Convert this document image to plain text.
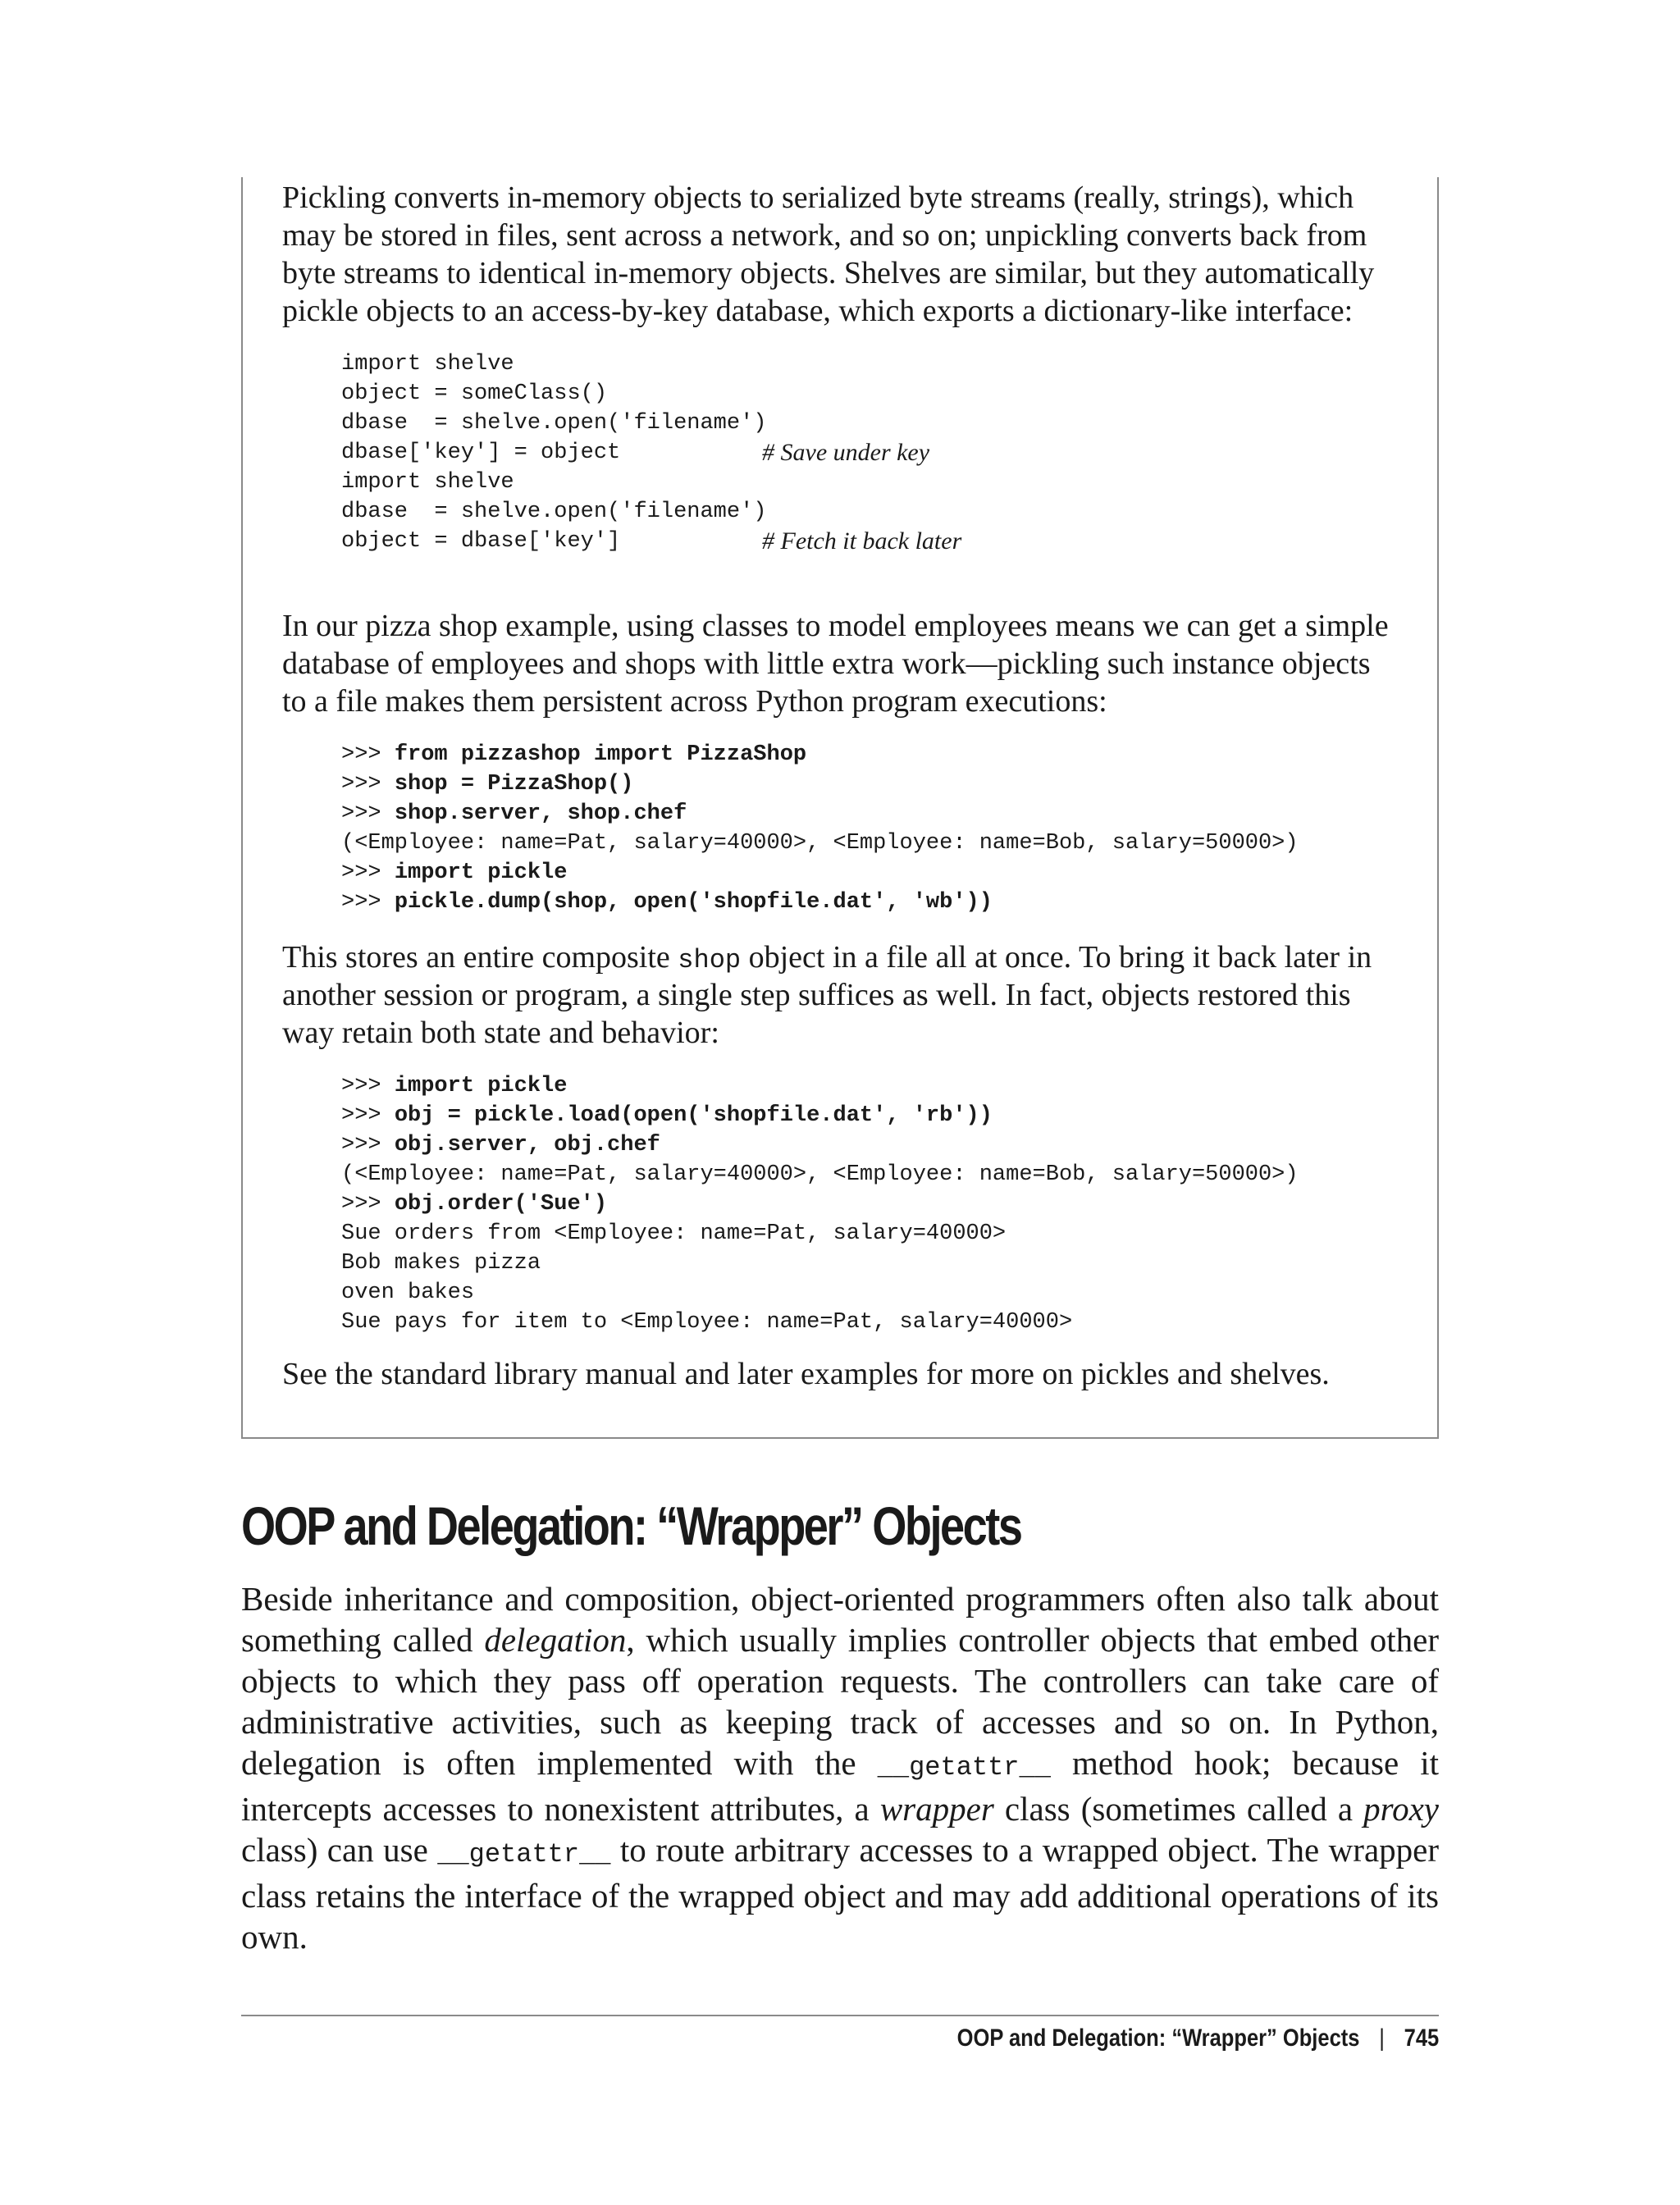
Pickling converts in-memory objects to serialized byte streams (really, strings), which

may be stored in files, sent across a network, and so on; unpickling converts back from

byte streams to identical in-memory objects. Shelves are similar, but they automatically

pickle objects to an access-by-key database, which exports a dictionary-like interface:

import shelve
object = someClass()
dbase  = shelve.open('filename')
dbase['key'] = object	# Save under key
import shelve
dbase  = shelve.open('filename')
object = dbase['key']	# Fetch it back later

In our pizza shop example, using classes to model employees means we can get a simple

database of employees and shops with little extra work—pickling such instance objects

to a file makes them persistent across Python program executions:

>>> from pizzashop import PizzaShop
>>> shop = PizzaShop()
>>> shop.server, shop.chef
(<Employee: name=Pat, salary=40000>, <Employee: name=Bob, salary=50000>)
>>> import pickle
>>> pickle.dump(shop, open('shopfile.dat', 'wb'))

This stores an entire composite shop object in a file all at once. To bring it back later in

another session or program, a single step suffices as well. In fact, objects restored this

way retain both state and behavior:

>>> import pickle
>>> obj = pickle.load(open('shopfile.dat', 'rb'))
>>> obj.server, obj.chef
(<Employee: name=Pat, salary=40000>, <Employee: name=Bob, salary=50000>)
>>> obj.order('Sue')
Sue orders from <Employee: name=Pat, salary=40000>
Bob makes pizza
oven bakes
Sue pays for item to <Employee: name=Pat, salary=40000>

See the standard library manual and later examples for more on pickles and shelves.

OOP and Delegation: “Wrapper” Objects

Beside inheritance and composition, object-oriented programmers often also talk about something called delegation, which usually implies controller objects that embed other objects to which they pass off operation requests. The controllers can take care of administrative activities, such as keeping track of accesses and so on. In Python, delegation is often implemented with the __getattr__ method hook; because it intercepts accesses to nonexistent attributes, a wrapper class (sometimes called a proxy class) can use __getattr__ to route arbitrary accesses to a wrapped object. The wrapper class retains the interface of the wrapped object and may add additional operations of its own.

OOP and Delegation: “Wrapper” Objects | 745
